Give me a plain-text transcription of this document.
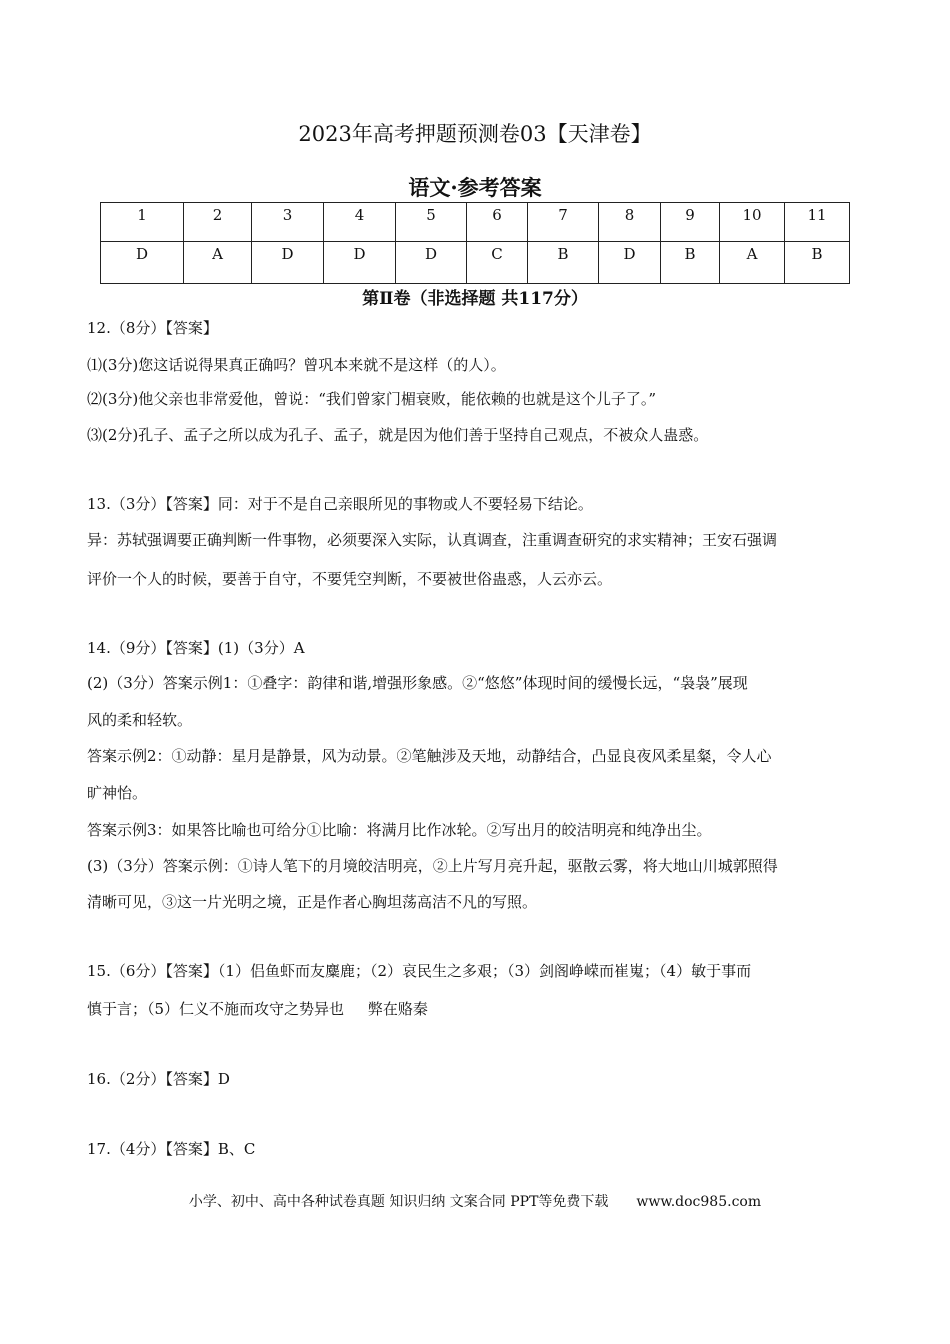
2023年高考押题预测卷03【天津卷】
语文·参考答案
1	2	3	4	5	6	7	8	9	10	11
D	A	D	D	D	C	B	D	B	A	B
第Ⅱ卷（非选择题 共117分）

12.（8分）【答案】

⑴(3分)您这话说得果真正确吗？曾巩本来就不是这样（的人）。

⑵(3分)他父亲也非常爱他，曾说：“我们曾家门楣衰败，能依赖的也就是这个儿子了。”

⑶(2分)孔子、孟子之所以成为孔子、孟子，就是因为他们善于坚持自己观点，不被众人蛊惑。

13.（3分）【答案】同：对于不是自己亲眼所见的事物或人不要轻易下结论。

异：苏轼强调要正确判断一件事物，必须要深入实际，认真调查，注重调查研究的求实精神；王安石强调

评价一个人的时候，要善于自守，不要凭空判断，不要被世俗蛊惑，人云亦云。

14.（9分）【答案】(1)（3分）A

(2)（3分）答案示例1：①叠字：韵律和谐,增强形象感。②“悠悠”体现时间的缓慢长远，“袅袅”展现

风的柔和轻软。

答案示例2：①动静：星月是静景，风为动景。②笔触涉及天地，动静结合，凸显良夜风柔星粲，令人心

旷神怡。

答案示例3：如果答比喻也可给分①比喻：将满月比作冰轮。②写出月的皎洁明亮和纯净出尘。

(3)（3分）答案示例：①诗人笔下的月境皎洁明亮，②上片写月亮升起，驱散云雾，将大地山川城郭照得

清晰可见，③这一片光明之境，正是作者心胸坦荡高洁不凡的写照。

15.（6分）【答案】（1）侣鱼虾而友麋鹿；（2）哀民生之多艰；（3）剑阁峥嵘而崔嵬；（4）敏于事而

慎于言；（5）仁义不施而攻守之势异也     弊在赂秦

16.（2分）【答案】D

17.（4分）【答案】B、C

小学、初中、高中各种试卷真题 知识归纳 文案合同 PPT等免费下载 www.doc985.com
